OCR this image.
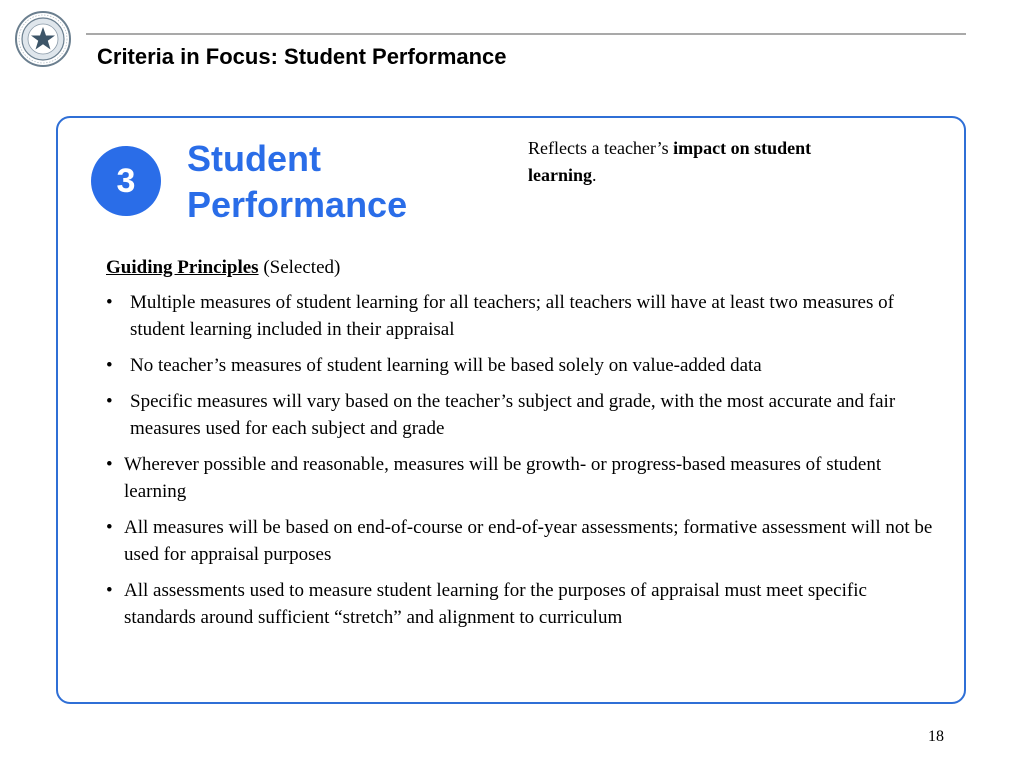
Criteria in Focus: Student Performance
3
Student
Performance
Reflects a teacher’s impact on student learning.

Guiding Principles (Selected)

• Multiple measures of student learning for all teachers; all teachers will have at least two measures of student learning included in their appraisal
• No teacher’s measures of student learning will be based solely on value-added data
• Specific measures will vary based on the teacher’s subject and grade, with the most accurate and fair measures used for each subject and grade
• Wherever possible and reasonable, measures will be growth- or progress-based measures of student learning
• All measures will be based on end-of-course or end-of-year assessments; formative assessment will not be used for appraisal purposes
• All assessments used to measure student learning for the purposes of appraisal must meet specific standards around sufficient “stretch” and alignment to curriculum
18
